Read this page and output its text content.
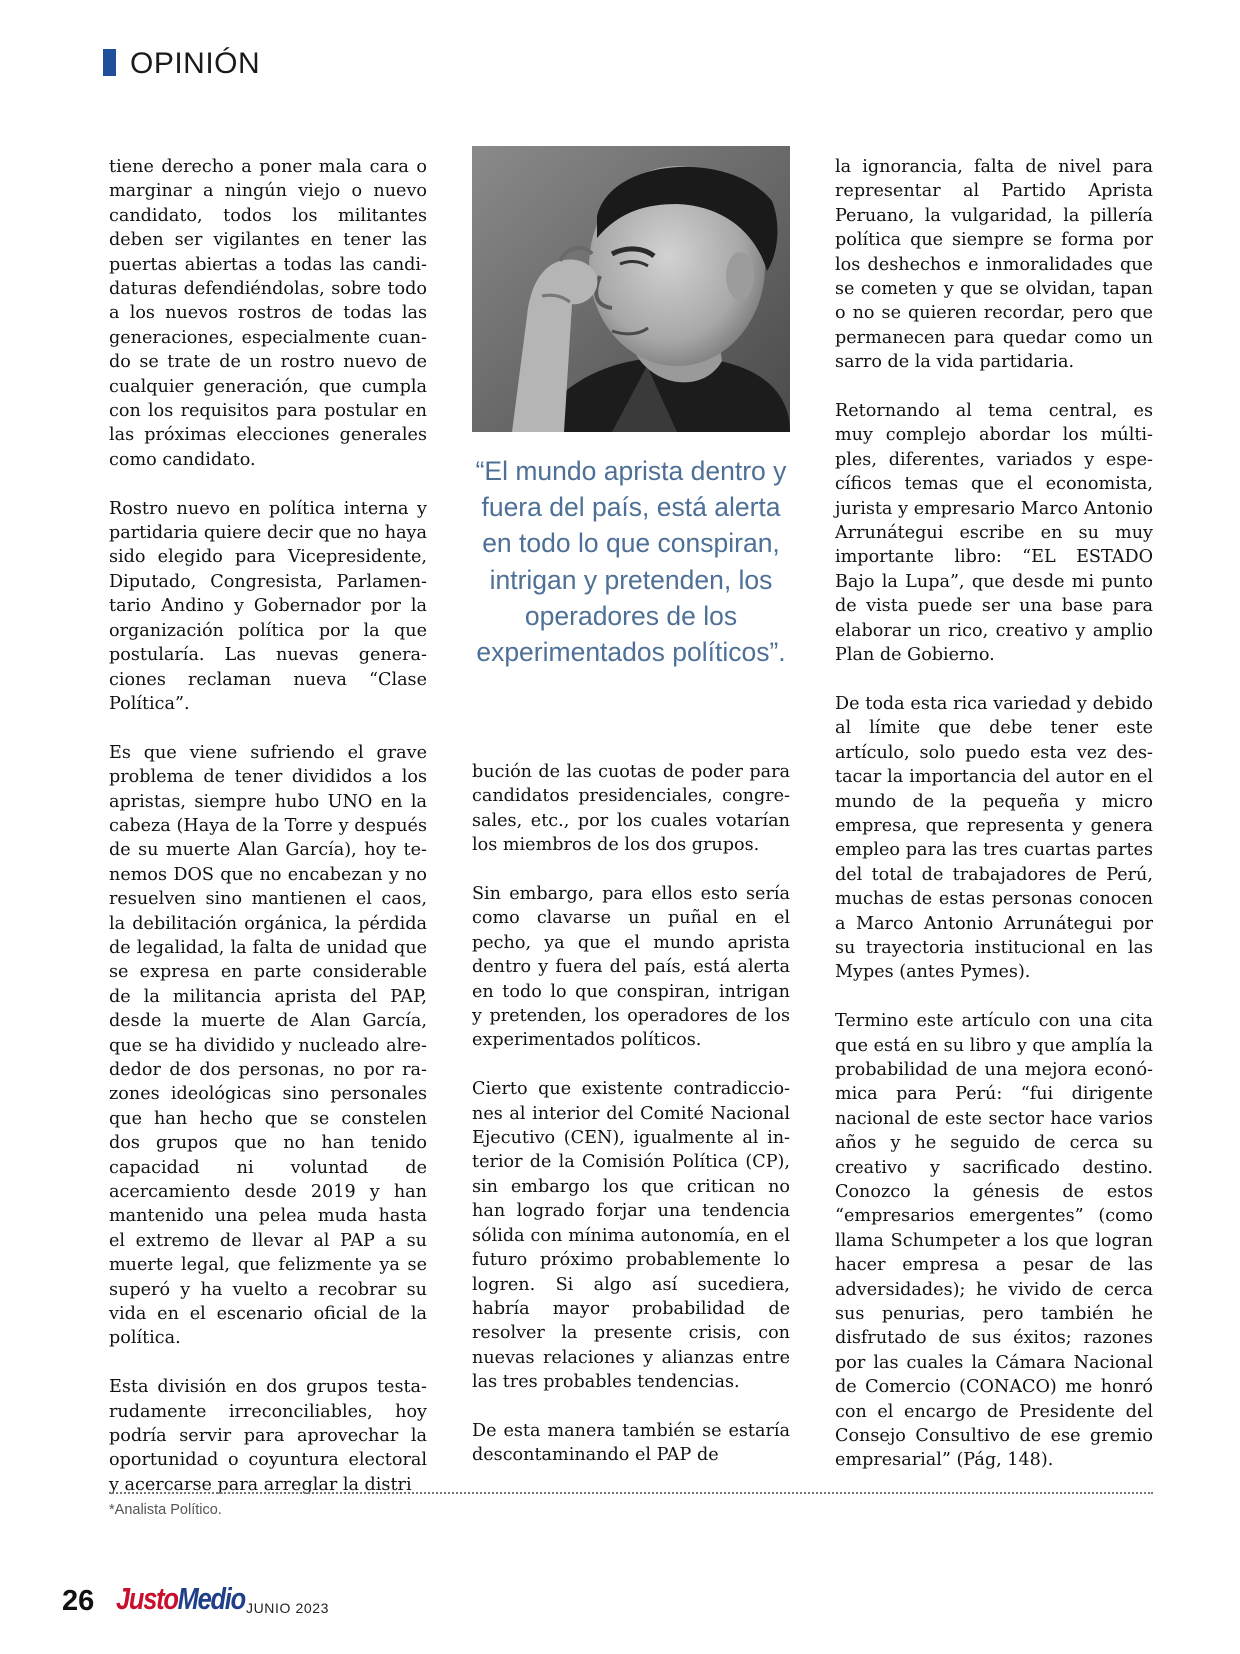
OPINIÓN

tiene derecho a poner mala cara o marginar a ningún viejo o nuevo candidato, todos los militantes deben ser vigilantes en tener las puertas abiertas a todas las candidaturas defendiéndolas, sobre todo a los nuevos rostros de todas las generaciones, especialmente cuando se trate de un rostro nuevo de cualquier generación, que cumpla con los requisitos para postular en las próximas elecciones generales como candidato.

Rostro nuevo en política interna y partidaria quiere decir que no haya sido elegido para Vicepresidente, Diputado, Congresista, Parlamentario Andino y Gobernador por la organización política por la que postularía. Las nuevas generaciones reclaman nueva “Clase Política”.

Es que viene sufriendo el grave problema de tener divididos a los apristas, siempre hubo UNO en la cabeza (Haya de la Torre y después de su muerte Alan García), hoy tenemos DOS que no encabezan y no resuelven sino mantienen el caos, la debilitación orgánica, la pérdida de legalidad, la falta de unidad que se expresa en parte considerable de la militancia aprista del PAP, desde la muerte de Alan García, que se ha dividido y nucleado alrededor de dos personas, no por razones ideológicas sino personales que han hecho que se constelen dos grupos que no han tenido capacidad ni voluntad de acercamiento desde 2019 y han mantenido una pelea muda hasta el extremo de llevar al PAP a su muerte legal, que felizmente ya se superó y ha vuelto a recobrar su vida en el escenario oficial de la política.

Esta división en dos grupos testarudamente irreconciliables, hoy podría servir para aprovechar la oportunidad o coyuntura electoral y acercarse para arreglar la distri

“El mundo aprista dentro y fuera del país, está alerta en todo lo que conspiran, intrigan y pretenden, los operadores de los experimentados políticos”.

bución de las cuotas de poder para candidatos presidenciales, congresales, etc., por los cuales votarían los miembros de los dos grupos.

Sin embargo, para ellos esto sería como clavarse un puñal en el pecho, ya que el mundo aprista dentro y fuera del país, está alerta en todo lo que conspiran, intrigan y pretenden, los operadores de los experimentados políticos.

Cierto que existente contradicciones al interior del Comité Nacional Ejecutivo (CEN), igualmente al interior de la Comisión Política (CP), sin embargo los que critican no han logrado forjar una tendencia sólida con mínima autonomía, en el futuro próximo probablemente lo logren. Si algo así sucediera, habría mayor probabilidad de resolver la presente crisis, con nuevas relaciones y alianzas entre las tres probables tendencias.

De esta manera también se estaría descontaminando el PAP de

la ignorancia, falta de nivel para representar al Partido Aprista Peruano, la vulgaridad, la pillería política que siempre se forma por los deshechos e inmoralidades que se cometen y que se olvidan, tapan o no se quieren recordar, pero que permanecen para quedar como un sarro de la vida partidaria.

Retornando al tema central, es muy complejo abordar los múltiples, diferentes, variados y específicos temas que el economista, jurista y empresario Marco Antonio Arrunátegui escribe en su muy importante libro: “EL ESTADO Bajo la Lupa”, que desde mi punto de vista puede ser una base para elaborar un rico, creativo y amplio Plan de Gobierno.

De toda esta rica variedad y debido al límite que debe tener este artículo, solo puedo esta vez destacar la importancia del autor en el mundo de la pequeña y micro empresa, que representa y genera empleo para las tres cuartas partes del total de trabajadores de Perú, muchas de estas personas conocen a Marco Antonio Arrunátegui por su trayectoria institucional en las Mypes (antes Pymes).

Termino este artículo con una cita que está en su libro y que amplía la probabilidad de una mejora económica para Perú: “fui dirigente nacional de este sector hace varios años y he seguido de cerca su creativo y sacrificado destino. Conozco la génesis de estos “empresarios emergentes” (como llama Schumpeter a los que logran hacer empresa a pesar de las adversidades); he vivido de cerca sus penurias, pero también he disfrutado de sus éxitos; razones por las cuales la Cámara Nacional de Comercio (CONACO) me honró con el encargo de Presidente del Consejo Consultivo de ese gremio empresarial” (Pág, 148).

*Analista Político.
26 JustoMedio JUNIO 2023
